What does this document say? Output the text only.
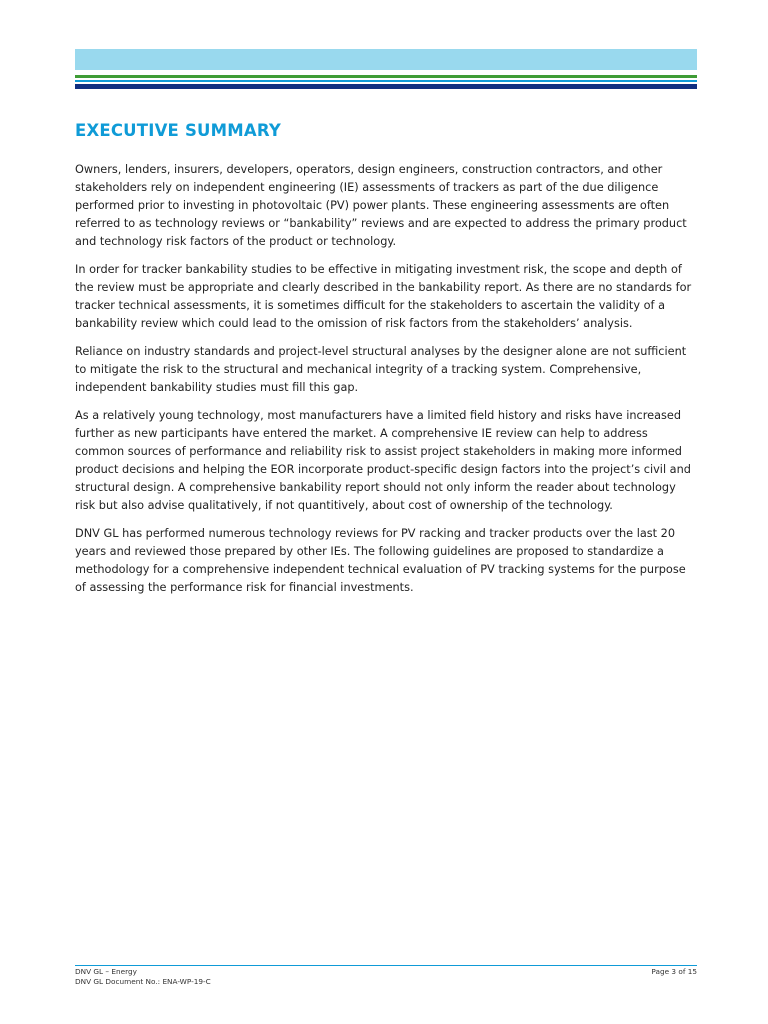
EXECUTIVE SUMMARY

Owners, lenders, insurers, developers, operators, design engineers, construction contractors, and other stakeholders rely on independent engineering (IE) assessments of trackers as part of the due diligence performed prior to investing in photovoltaic (PV) power plants. These engineering assessments are often referred to as technology reviews or “bankability” reviews and are expected to address the primary product and technology risk factors of the product or technology.

In order for tracker bankability studies to be effective in mitigating investment risk, the scope and depth of the review must be appropriate and clearly described in the bankability report. As there are no standards for tracker technical assessments, it is sometimes difficult for the stakeholders to ascertain the validity of a bankability review which could lead to the omission of risk factors from the stakeholders’ analysis.

Reliance on industry standards and project-level structural analyses by the designer alone are not sufficient to mitigate the risk to the structural and mechanical integrity of a tracking system. Comprehensive, independent bankability studies must fill this gap.

As a relatively young technology, most manufacturers have a limited field history and risks have increased further as new participants have entered the market. A comprehensive IE review can help to address common sources of performance and reliability risk to assist project stakeholders in making more informed product decisions and helping the EOR incorporate product-specific design factors into the project’s civil and structural design. A comprehensive bankability report should not only inform the reader about technology risk but also advise qualitatively, if not quantitively, about cost of ownership of the technology.

DNV GL has performed numerous technology reviews for PV racking and tracker products over the last 20 years and reviewed those prepared by other IEs. The following guidelines are proposed to standardize a methodology for a comprehensive independent technical evaluation of PV tracking systems for the purpose of assessing the performance risk for financial investments.

DNV GL – Energy
DNV GL Document No.: ENA-WP-19-C
Page 3 of 15
